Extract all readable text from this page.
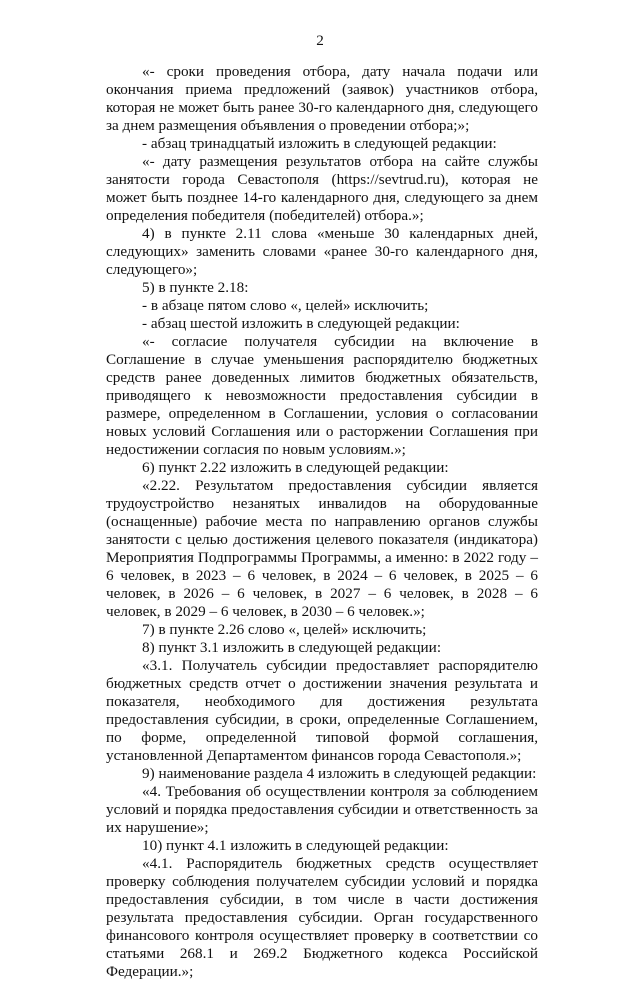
2

«- сроки проведения отбора, дату начала подачи или окончания приема предложений (заявок) участников отбора, которая не может быть ранее 30-го календарного дня, следующего за днем размещения объявления о проведении отбора;»;

- абзац тринадцатый изложить в следующей редакции:

«- дату размещения результатов отбора на сайте службы занятости города Севастополя (https://sevtrud.ru), которая не может быть позднее 14-го календарного дня, следующего за днем определения победителя (победителей) отбора.»;

4) в пункте 2.11 слова «меньше 30 календарных дней, следующих» заменить словами «ранее 30-го календарного дня, следующего»;

5) в пункте 2.18:

- в абзаце пятом слово «, целей» исключить;

- абзац шестой изложить в следующей редакции:

«- согласие получателя субсидии на включение в Соглашение в случае уменьшения распорядителю бюджетных средств ранее доведенных лимитов бюджетных обязательств, приводящего к невозможности предоставления субсидии в размере, определенном в Соглашении, условия о согласовании новых условий Соглашения или о расторжении Соглашения при недостижении согласия по новым условиям.»;

6) пункт 2.22 изложить в следующей редакции:

«2.22. Результатом предоставления субсидии является трудоустройство незанятых инвалидов на оборудованные (оснащенные) рабочие места по направлению органов службы занятости с целью достижения целевого показателя (индикатора) Мероприятия Подпрограммы Программы, а именно: в 2022 году – 6 человек, в 2023 – 6 человек, в 2024 – 6 человек, в 2025 – 6 человек, в 2026 – 6 человек, в 2027 – 6 человек, в 2028 – 6 человек, в 2029 – 6 человек, в 2030 – 6 человек.»;

7) в пункте 2.26 слово «, целей» исключить;

8) пункт 3.1 изложить в следующей редакции:

«3.1. Получатель субсидии предоставляет распорядителю бюджетных средств отчет о достижении значения результата и показателя, необходимого для достижения результата предоставления субсидии, в сроки, определенные Соглашением, по форме, определенной типовой формой соглашения, установленной Департаментом финансов города Севастополя.»;

9) наименование раздела 4 изложить в следующей редакции:

«4. Требования об осуществлении контроля за соблюдением условий и порядка предоставления субсидии и ответственность за их нарушение»;

10) пункт 4.1 изложить в следующей редакции:

«4.1. Распорядитель бюджетных средств осуществляет проверку соблюдения получателем субсидии условий и порядка предоставления субсидии, в том числе в части достижения результата предоставления субсидии. Орган государственного финансового контроля осуществляет проверку в соответствии со статьями 268.1 и 269.2 Бюджетного кодекса Российской Федерации.»;
